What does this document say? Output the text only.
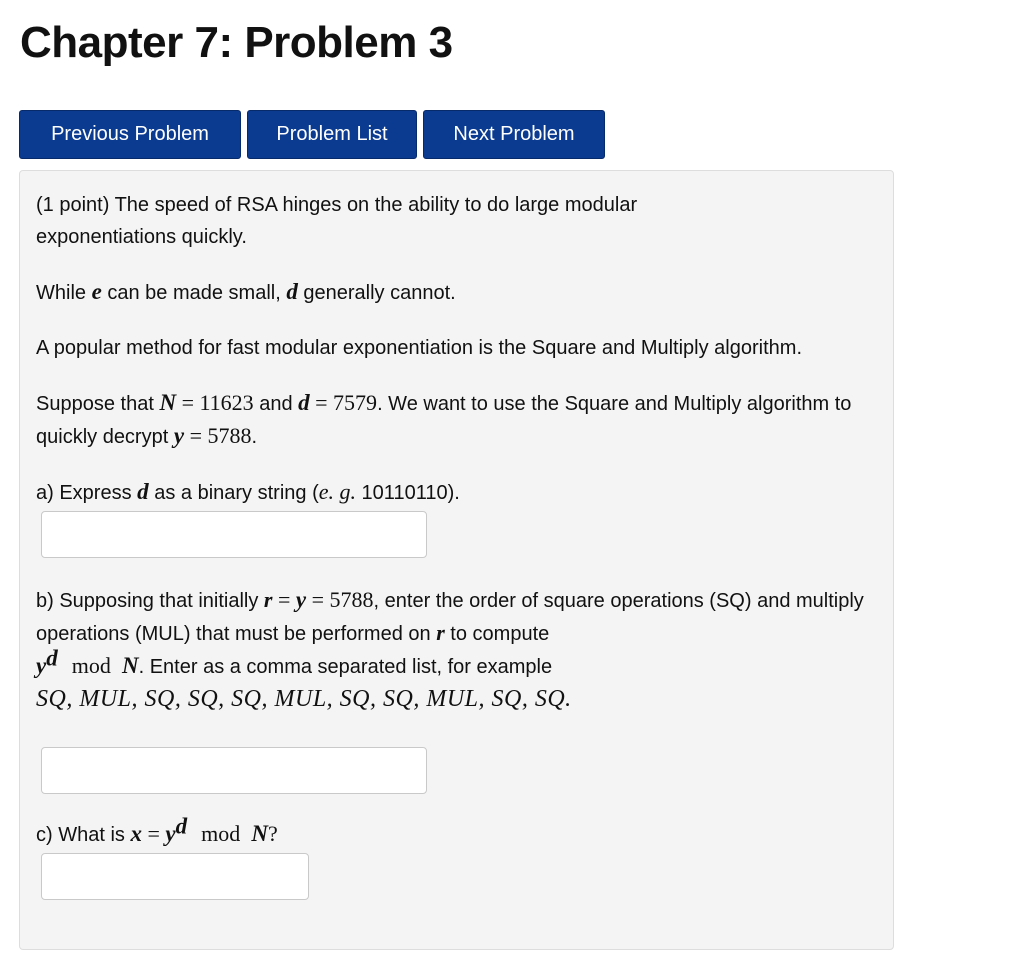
Chapter 7: Problem 3
Previous Problem	Problem List	Next Problem

(1 point) The speed of RSA hinges on the ability to do large modular exponentiations quickly.

While e can be made small, d generally cannot.

A popular method for fast modular exponentiation is the Square and Multiply algorithm.

Suppose that N = 11623 and d = 7579. We want to use the Square and Multiply algorithm to quickly decrypt y = 5788.

a) Express d as a binary string (e. g. 10110110).

b) Supposing that initially r = y = 5788, enter the order of square operations (SQ) and multiply operations (MUL) that must be performed on r to compute
$y^d$ mod N. Enter as a comma separated list, for example
SQ, MUL, SQ, SQ, SQ, MUL, SQ, SQ, MUL, SQ, SQ.

c) What is $x = y^d$ mod N?
